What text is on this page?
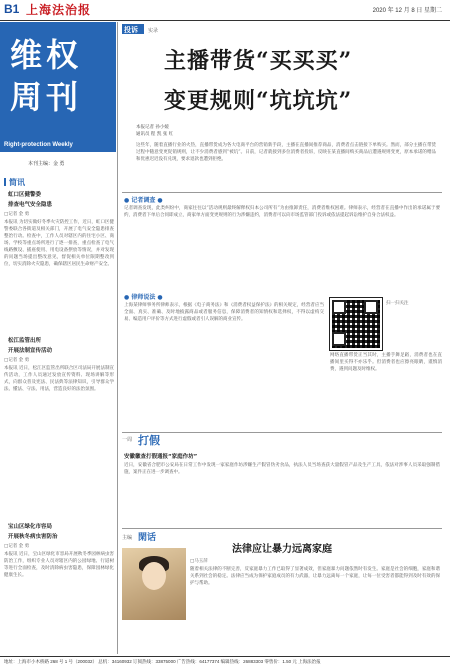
B1 上海法治报	2020 年 12 月 8 日 星期二
维权
周刊
Right-protection Weekly
本刊主编：金 勇
简讯
虹口区健警委
排查电气安全隐患
□记者 金 勇
本报讯 为切实做好冬季火灾防控工作，近日，虹口区健警委联合各街道及相关部门，开展了电气安全隐患排查整治行动。检查中，工作人员对辖区内的住宅小区、商场、学校等重点场所进行了逐一排查，重点检查了电气线路敷设、插座使用、用电设备摆放等情况，并对发现的问题当场提出整改意见，督促相关单位限期整改到位，切实消除火灾隐患，确保辖区居民生命财产安全。
松江监管出所
开展法制宣传活动
□记者 金 勇
本报讯 近日，松江区监管出所联合区司法局开展法制宣传活动，工作人员通过发放宣传资料、现场讲解等形式，向群众普及宪法、民法典等法律知识，引导群众学法、懂法、守法、用法，营造良好的法治氛围。
宝山区绿化市容局
开展秋冬病虫害防治
□记者 金 勇
本报讯 近日，宝山区绿化市容局开展秋冬季园林病虫害防治工作，组织专业人员对辖区内的公园绿地、行道树等进行全面检查，及时清除病虫害隐患，保障园林绿化健康生长。
投诉 实录
主播带货“买买买”
变更规则“坑坑坑”
本报记者 孙小媛
通讯员 程 凯 张 红
这些年，随着直播行业的火热，直播带货成为各大电商平台的营销新手段，主播在直播间推荐商品，消费者点击链接下单购买。然而，部分主播在带货过程中随意变更促销规则，让不少消费者感到“被坑”。日前，记者就接到多位消费者投诉，反映在某直播间购买商品后遭遇规则变更，原本承诺的赠品和优惠迟迟没有兑现，要求退款也遭到拒绝。
● 记者调查 ●
记者调查发现，此类纠纷中，商家往往以“活动规则最终解释权归本公司所有”为由推卸责任，消费者维权困难。律师表示，经营者在直播中作出的承诺属于要约，消费者下单后合同即成立，商家单方面变更规则的行为涉嫌违约，消费者可以向市场监管部门投诉或依法提起诉讼维护自身合法权益。
● 律师说法 ●
上海某律师事务所律师表示，根据《电子商务法》和《消费者权益保护法》的相关规定，经营者应当全面、真实、准确、及时地披露商品或者服务信息，保障消费者的知情权和选择权，不得以虚构交易、编造用户评价等方式进行虚假或者引人误解的商业宣传。
扫一扫关注
网络直播带货正当其时，主播手舞足蹈，消费者也在直播间里买得不亦乐乎。但消费者也应擦亮眼睛，谨慎消费，遇到问题及时维权。
一周 打假
安徽徽查打假通报“家庭作坊”
近日，安徽省合肥市公安局在日常工作中发现一家家庭作坊涉嫌生产假冒伪劣食品，执法人员当场查获大量假冒产品及生产工具，依法对涉事人员采取强制措施，案件正在进一步调查中。
主编 閑话
法律应让暴力远离家庭
□马玉萍
随着相关法律的不断完善，反家庭暴力工作已取得了显著成效，但家庭暴力问题依然时有发生。家庭是社会的细胞，家庭和谐关系到社会的稳定。法律应当成为保护家庭成员的有力武器，让暴力远离每一个家庭，让每一位受害者都能得到及时有效的保护与帮助。
地址：上海市小木桥路 268 号 1 号（200032） 总机：34160932 订阅热线：33875000 广告热线：64177374 编辑热线：26883303 零售价：1.50 元 上海法治报
